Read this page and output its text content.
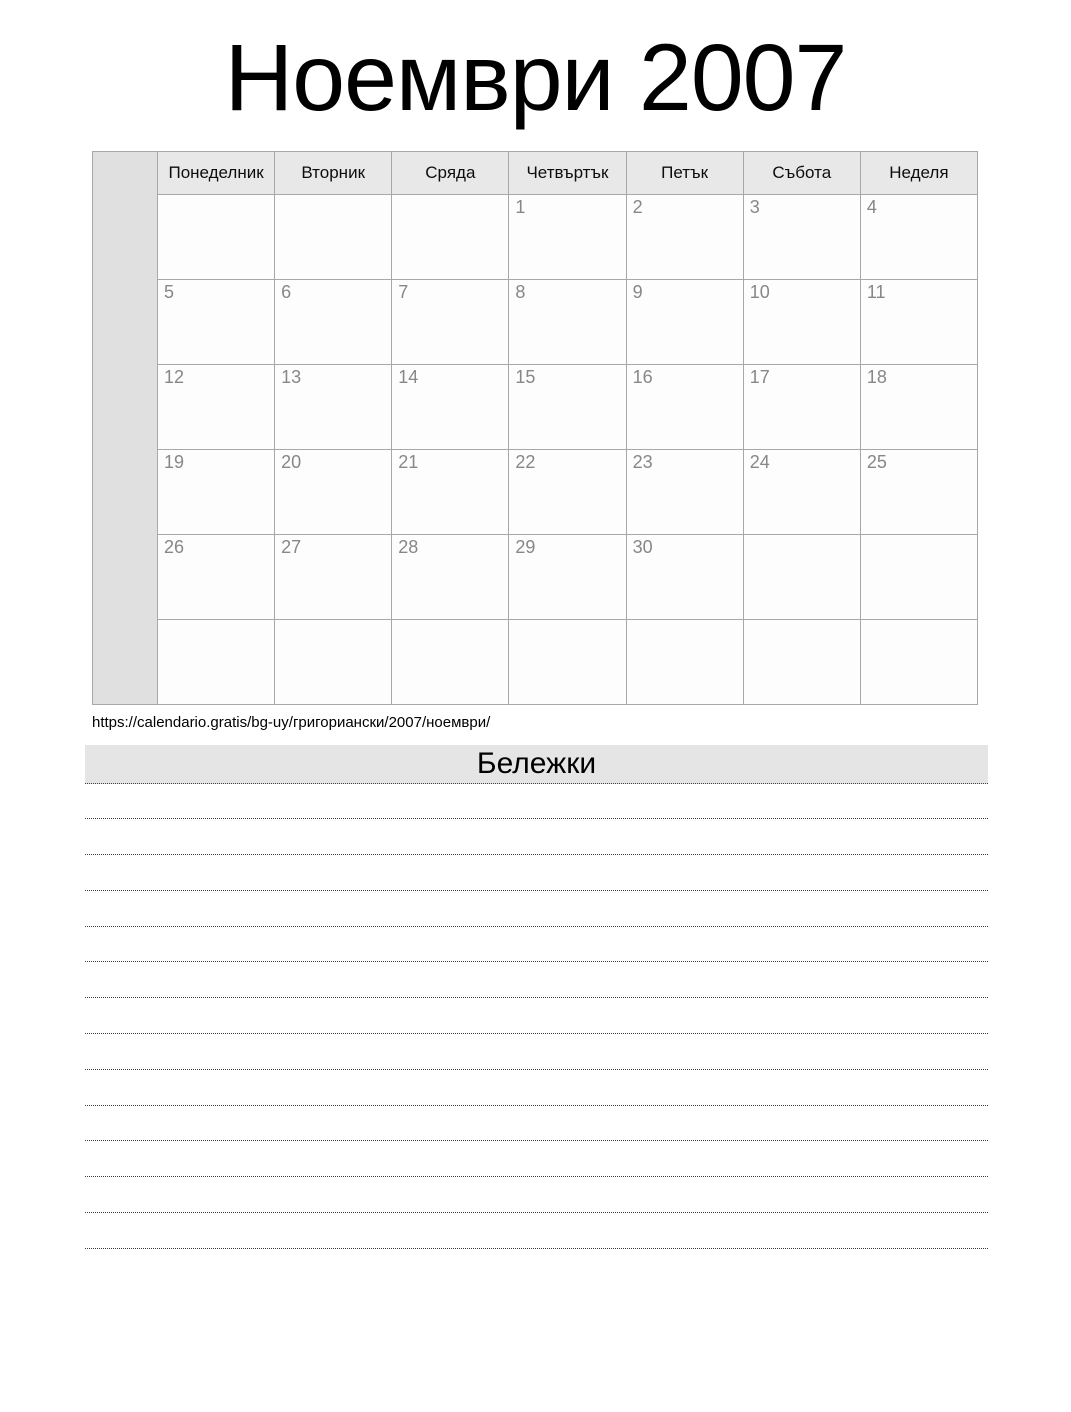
Ноември 2007
	Понеделник	Вторник	Сряда	Четвъртък	Петък	Събота	Неделя
				1	2	3	4
	5	6	7	8	9	10	11
	12	13	14	15	16	17	18
	19	20	21	22	23	24	25
	26	27	28	29	30		

https://calendario.gratis/bg-uy/григориански/2007/ноември/
Бележки
